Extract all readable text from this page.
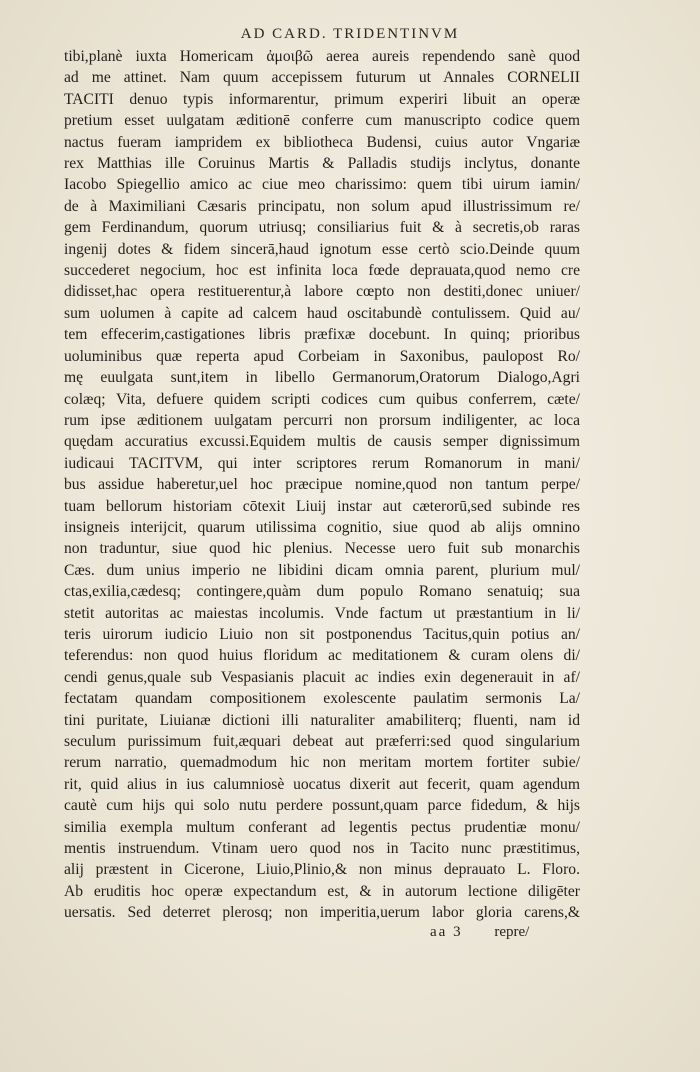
AD CARD. TRIDENTINVM
tibi,planè iuxta Homericam ἀμοιβῶ aerea aureis rependendo sanè quod
ad me attinet. Nam quum accepissem futurum ut Annales CORNELII
TACITI denuo typis informarentur, primum experiri libuit an operæ
pretium esset uulgatam æditionē conferre cum manuscripto codice quem
nactus fueram iampridem ex bibliotheca Budensi, cuius autor Vngariæ
rex Matthias ille Coruinus Martis & Palladis studijs inclytus, donante
Iacobo Spiegellio amico ac ciue meo charissimo: quem tibi uirum iamin/
de à Maximiliani Cæsaris principatu, non solum apud illustrissimum re/
gem Ferdinandum, quorum utriusq; consiliarius fuit & à secretis,ob raras
ingenij dotes & fidem sincerā,haud ignotum esse certò scio.Deinde quum
succederet negocium, hoc est infinita loca fœde deprauata,quod nemo cre
didisset,hac opera restituerentur,à labore cœpto non destiti,donec uniuer/
sum uolumen à capite ad calcem haud oscitabundè contulissem. Quid au/
tem effecerim,castigationes libris præfixæ docebunt. In quinq; prioribus
uoluminibus quæ reperta apud Corbeiam in Saxonibus, paulopost Ro/
mę euulgata sunt,item in libello Germanorum,Oratorum Dialogo,Agri
colæq; Vita, defuere quidem scripti codices cum quibus conferrem, cæte/
rum ipse æditionem uulgatam percurri non prorsum indiligenter, ac loca
quędam accuratius excussi.Equidem multis de causis semper dignissimum
iudicaui TACITVM, qui inter scriptores rerum Romanorum in mani/
bus assidue haberetur,uel hoc præcipue nomine,quod non tantum perpe/
tuam bellorum historiam cōtexit Liuij instar aut cæterorū,sed subinde res
insigneis interijcit, quarum utilissima cognitio, siue quod ab alijs omnino
non traduntur, siue quod hic plenius. Necesse uero fuit sub monarchis
Cæs. dum unius imperio ne libidini dicam omnia parent, plurium mul/
ctas,exilia,cædesq; contingere,quàm dum populo Romano senatuiq; sua
stetit autoritas ac maiestas incolumis. Vnde factum ut præstantium in li/
teris uirorum iudicio Liuio non sit postponendus Tacitus,quin potius an/
teferendus: non quod huius floridum ac meditationem & curam olens di/
cendi genus,quale sub Vespasianis placuit ac indies exin degenerauit in af/
fectatam quandam compositionem exolescente paulatim sermonis La/
tini puritate, Liuianæ dictioni illi naturaliter amabiliterq; fluenti, nam id
seculum purissimum fuit,æquari debeat aut præferri:sed quod singularium
rerum narratio, quemadmodum hic non meritam mortem fortiter subie/
rit, quid alius in ius calumniosè uocatus dixerit aut fecerit, quam agendum
cautè cum hijs qui solo nutu perdere possunt,quam parce fidedum, & hijs
similia exempla multum conferant ad legentis pectus prudentiæ monu/
mentis instruendum. Vtinam uero quod nos in Tacito nunc præstitimus,
alij præstent in Cicerone, Liuio,Plinio,& non minus deprauato L. Floro.
Ab eruditis hoc operæ expectandum est, & in autorum lectione diligēter
uersatis. Sed deterret plerosq; non imperitia,uerum labor gloria carens,&
aa 3 repre/
